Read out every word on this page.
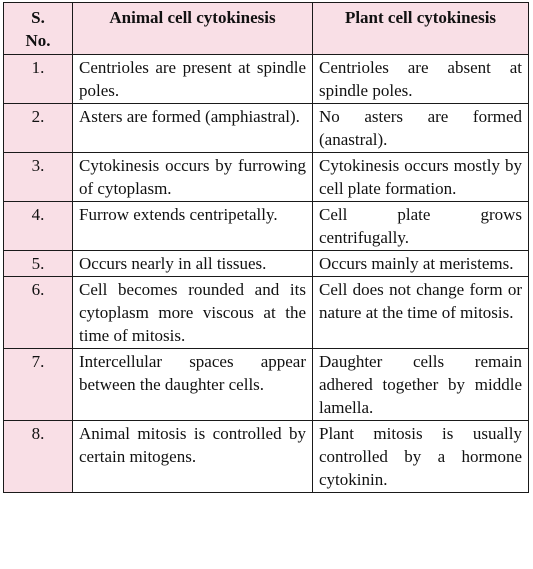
S.
No.	Animal cell cytokinesis	Plant cell cytokinesis
1.	Centrioles are present at spindle poles.	Centrioles are absent at spindle poles.
2.	Asters are formed (amphiastral).	No asters are formed (anastral).
3.	Cytokinesis occurs by furrowing of cytoplasm.	Cytokinesis occurs mostly by cell plate formation.
4.	Furrow extends centripetally.	Cell plate grows centrifugally.
5.	Occurs nearly in all tissues.	Occurs mainly at meristems.
6.	Cell becomes rounded and its cytoplasm more viscous at the time of mitosis.	Cell does not change form or nature at the time of mitosis.
7.	Intercellular spaces appear between the daughter cells.	Daughter cells remain adhered together by middle lamella.
8.	Animal mitosis is controlled by certain mitogens.	Plant mitosis is usually controlled by a hormone cytokinin.
